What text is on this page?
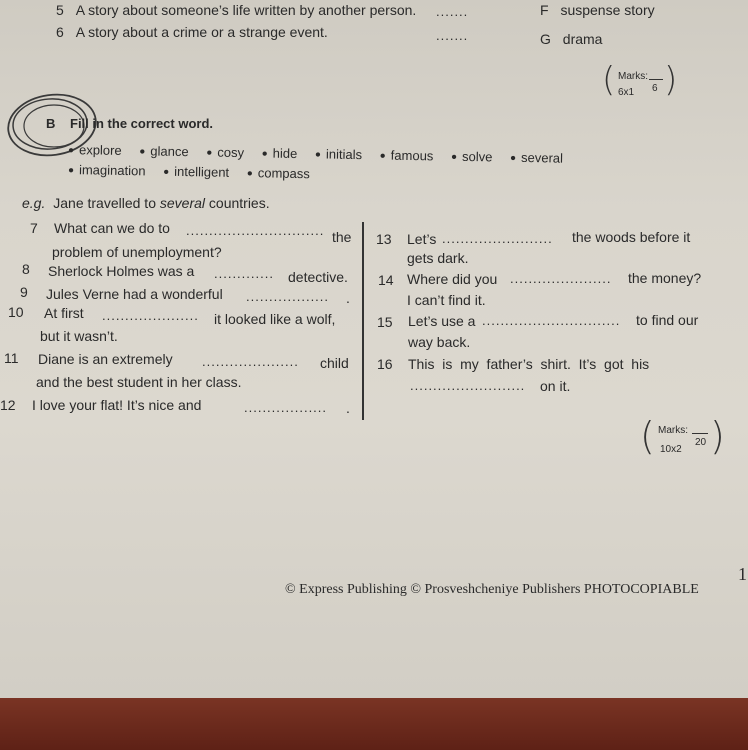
5 A story about someone’s life written by another person. .......	F suspense story
6 A story about a crime or a strange event.	.......	G drama
( Marks:
6x1 6 )
B Fill in the correct word.
● explore ● glance ● cosy ● hide ● initials ● famous ● solve ● several
● imagination ● intelligent ● compass
e.g. Jane travelled to several countries.
7 What can we do to .............................. the
problem of unemployment?
8 Sherlock Holmes was a ............. detective.
9 Jules Verne had a wonderful .................. .
10 At first ..................... it looked like a wolf,
but it wasn’t.
11 Diane is an extremely ..................... child
and the best student in her class.
12 I love your flat! It’s nice and	.................. .
13 Let’s ........................ the woods before it
gets dark.
14 Where did you ...................... the money?
I can’t find it.
15 Let’s use a .............................. to find our
way back.
16 This  is  my  father’s  shirt.  It’s  got  his
......................... on it.
( Marks:
10x2
20 )
© Express Publishing © Prosveshcheniye Publishers PHOTOCOPIABLE
1
